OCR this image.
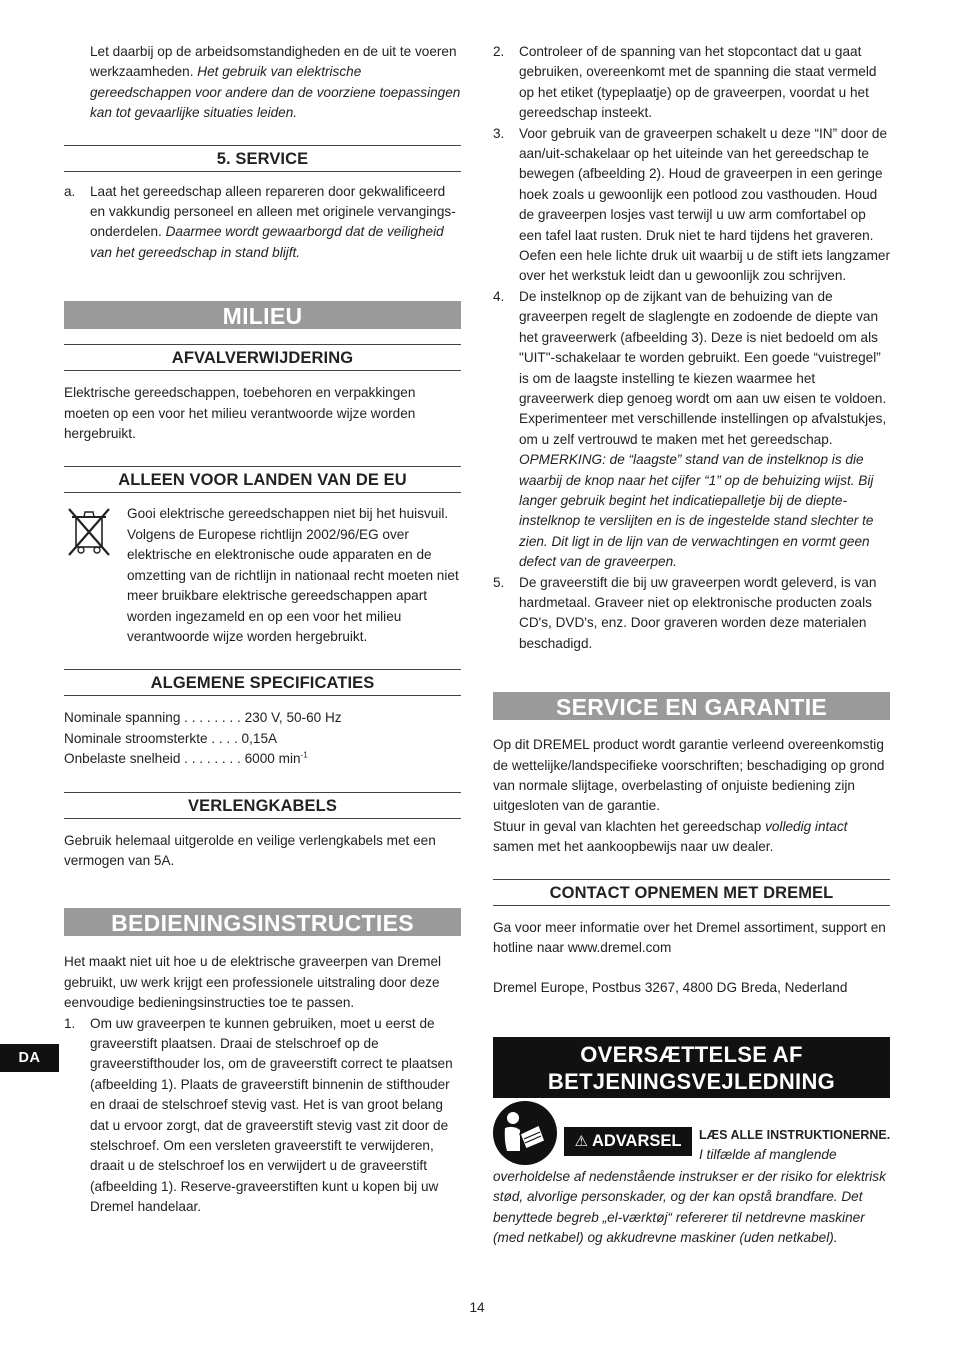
Let daarbij op de arbeidsomstandigheden en de uit te voeren werkzaamheden. Het gebruik van elektrische gereedschappen voor andere dan de voorziene toepassingen kan tot gevaarlijke situaties leiden.
5. SERVICE
a. Laat het gereedschap alleen repareren door gekwalificeerd en vakkundig personeel en alleen met originele vervangings-onderdelen. Daarmee wordt gewaarborgd dat de veiligheid van het gereedschap in stand blijft.
MILIEU
AFVALVERWIJDERING

Elektrische gereedschappen, toebehoren en verpakkingen moeten op een voor het milieu verantwoorde wijze worden hergebruikt.

ALLEEN VOOR LANDEN VAN DE EU

Gooi elektrische gereedschappen niet bij het huisvuil. Volgens de Europese richtlijn 2002/96/EG over elektrische en elektronische oude apparaten en de omzetting van de richtlijn in nationaal recht moeten niet meer bruikbare elektrische gereedschappen apart worden ingezameld en op een voor het milieu verantwoorde wijze worden hergebruikt.

ALGEMENE SPECIFICATIES
Nominale spanning . . . . . . . . 230 V, 50-60 Hz
Nominale stroomsterkte . . . . 0,15A
Onbelaste snelheid . . . . . . . . 6000 $\min^{-1}$
VERLENGKABELS

Gebruik helemaal uitgerolde en veilige verlengkabels met een vermogen van 5A.

BEDIENINGSINSTRUCTIES

Het maakt niet uit hoe u de elektrische graveerpen van Dremel gebruikt, uw werk krijgt een professionele uitstraling door deze eenvoudige bedieningsinstructies toe te passen.

1. Om uw graveerpen te kunnen gebruiken, moet u eerst de graveerstift plaatsen. Draai de stelschroef op de graveerstifthouder los, om de graveerstift correct te plaatsen (afbeelding 1). Plaats de graveerstift binnenin de stifthouder en draai de stelschroef stevig vast. Het is van groot belang dat u ervoor zorgt, dat de graveerstift stevig vast zit door de stelschroef. Om een versleten graveerstift te verwijderen, draait u de stelschroef los en verwijdert u de graveerstift (afbeelding 1). Reserve-graveerstiften kunt u kopen bij uw Dremel handelaar.
2. Controleer of de spanning van het stopcontact dat u gaat gebruiken, overeenkomt met de spanning die staat vermeld op het etiket (typeplaatje) op de graveerpen, voordat u het gereedschap insteekt.
3. Voor gebruik van de graveerpen schakelt u deze “IN” door de aan/uit-schakelaar op het uiteinde van het gereedschap te bewegen (afbeelding 2). Houd de graveerpen in een geringe hoek zoals u gewoonlijk een potlood zou vasthouden. Houd de graveerpen losjes vast terwijl u uw arm comfortabel op een tafel laat rusten. Druk niet te hard tijdens het graveren. Oefen een hele lichte druk uit waarbij u de stift iets langzamer over het werkstuk leidt dan u gewoonlijk zou schrijven.
4. De instelknop op de zijkant van de behuizing van de graveerpen regelt de slaglengte en zodoende de diepte van het graveerwerk (afbeelding 3). Deze is niet bedoeld om als "UIT"-schakelaar te worden gebruikt. Een goede “vuistregel” is om de laagste instelling te kiezen waarmee het graveerwerk diep genoeg wordt om aan uw eisen te voldoen. Experimenteer met verschillende instellingen op afvalstukjes, om u zelf vertrouwd te maken met het gereedschap.
OPMERKING: de “laagste” stand van de instelknop is die waarbij de knop naar het cijfer “1” op de behuizing wijst. Bij langer gebruik begint het indicatiepalletje bij de diepte-instelknop te verslijten en is de ingestelde stand slechter te zien. Dit ligt in de lijn van de verwachtingen en vormt geen defect van de graveerpen.
5. De graveerstift die bij uw graveerpen wordt geleverd, is van hardmetaal. Graveer niet op elektronische producten zoals CD's, DVD's, enz. Door graveren worden deze materialen beschadigd.
SERVICE EN GARANTIE

Op dit DREMEL product wordt garantie verleend overeenkomstig de wettelijke/landspecifieke voorschriften; beschadiging op grond van normale slijtage, overbelasting of onjuiste bediening zijn uitgesloten van de garantie.

Stuur in geval van klachten het gereedschap volledig intact samen met het aankoopbewijs naar uw dealer.

CONTACT OPNEMEN MET DREMEL

Ga voor meer informatie over het Dremel assortiment, support en hotline naar www.dremel.com

Dremel Europe, Postbus 3267, 4800 DG Breda, Nederland

OVERSÆTTELSE AF
BETJENINGSVEJLEDNING
⚠ ADVARSEL	LÆS ALLE INSTRUKTIONERNE.
I tilfælde af manglende

overholdelse af nedenstående instrukser er der risiko for elektrisk stød, alvorlige personskader, og der kan opstå brandfare. Det benyttede begreb „el-værktøj“ refererer til netdrevne maskiner (med netkabel) og akkudrevne maskiner (uden netkabel).

DA
14
